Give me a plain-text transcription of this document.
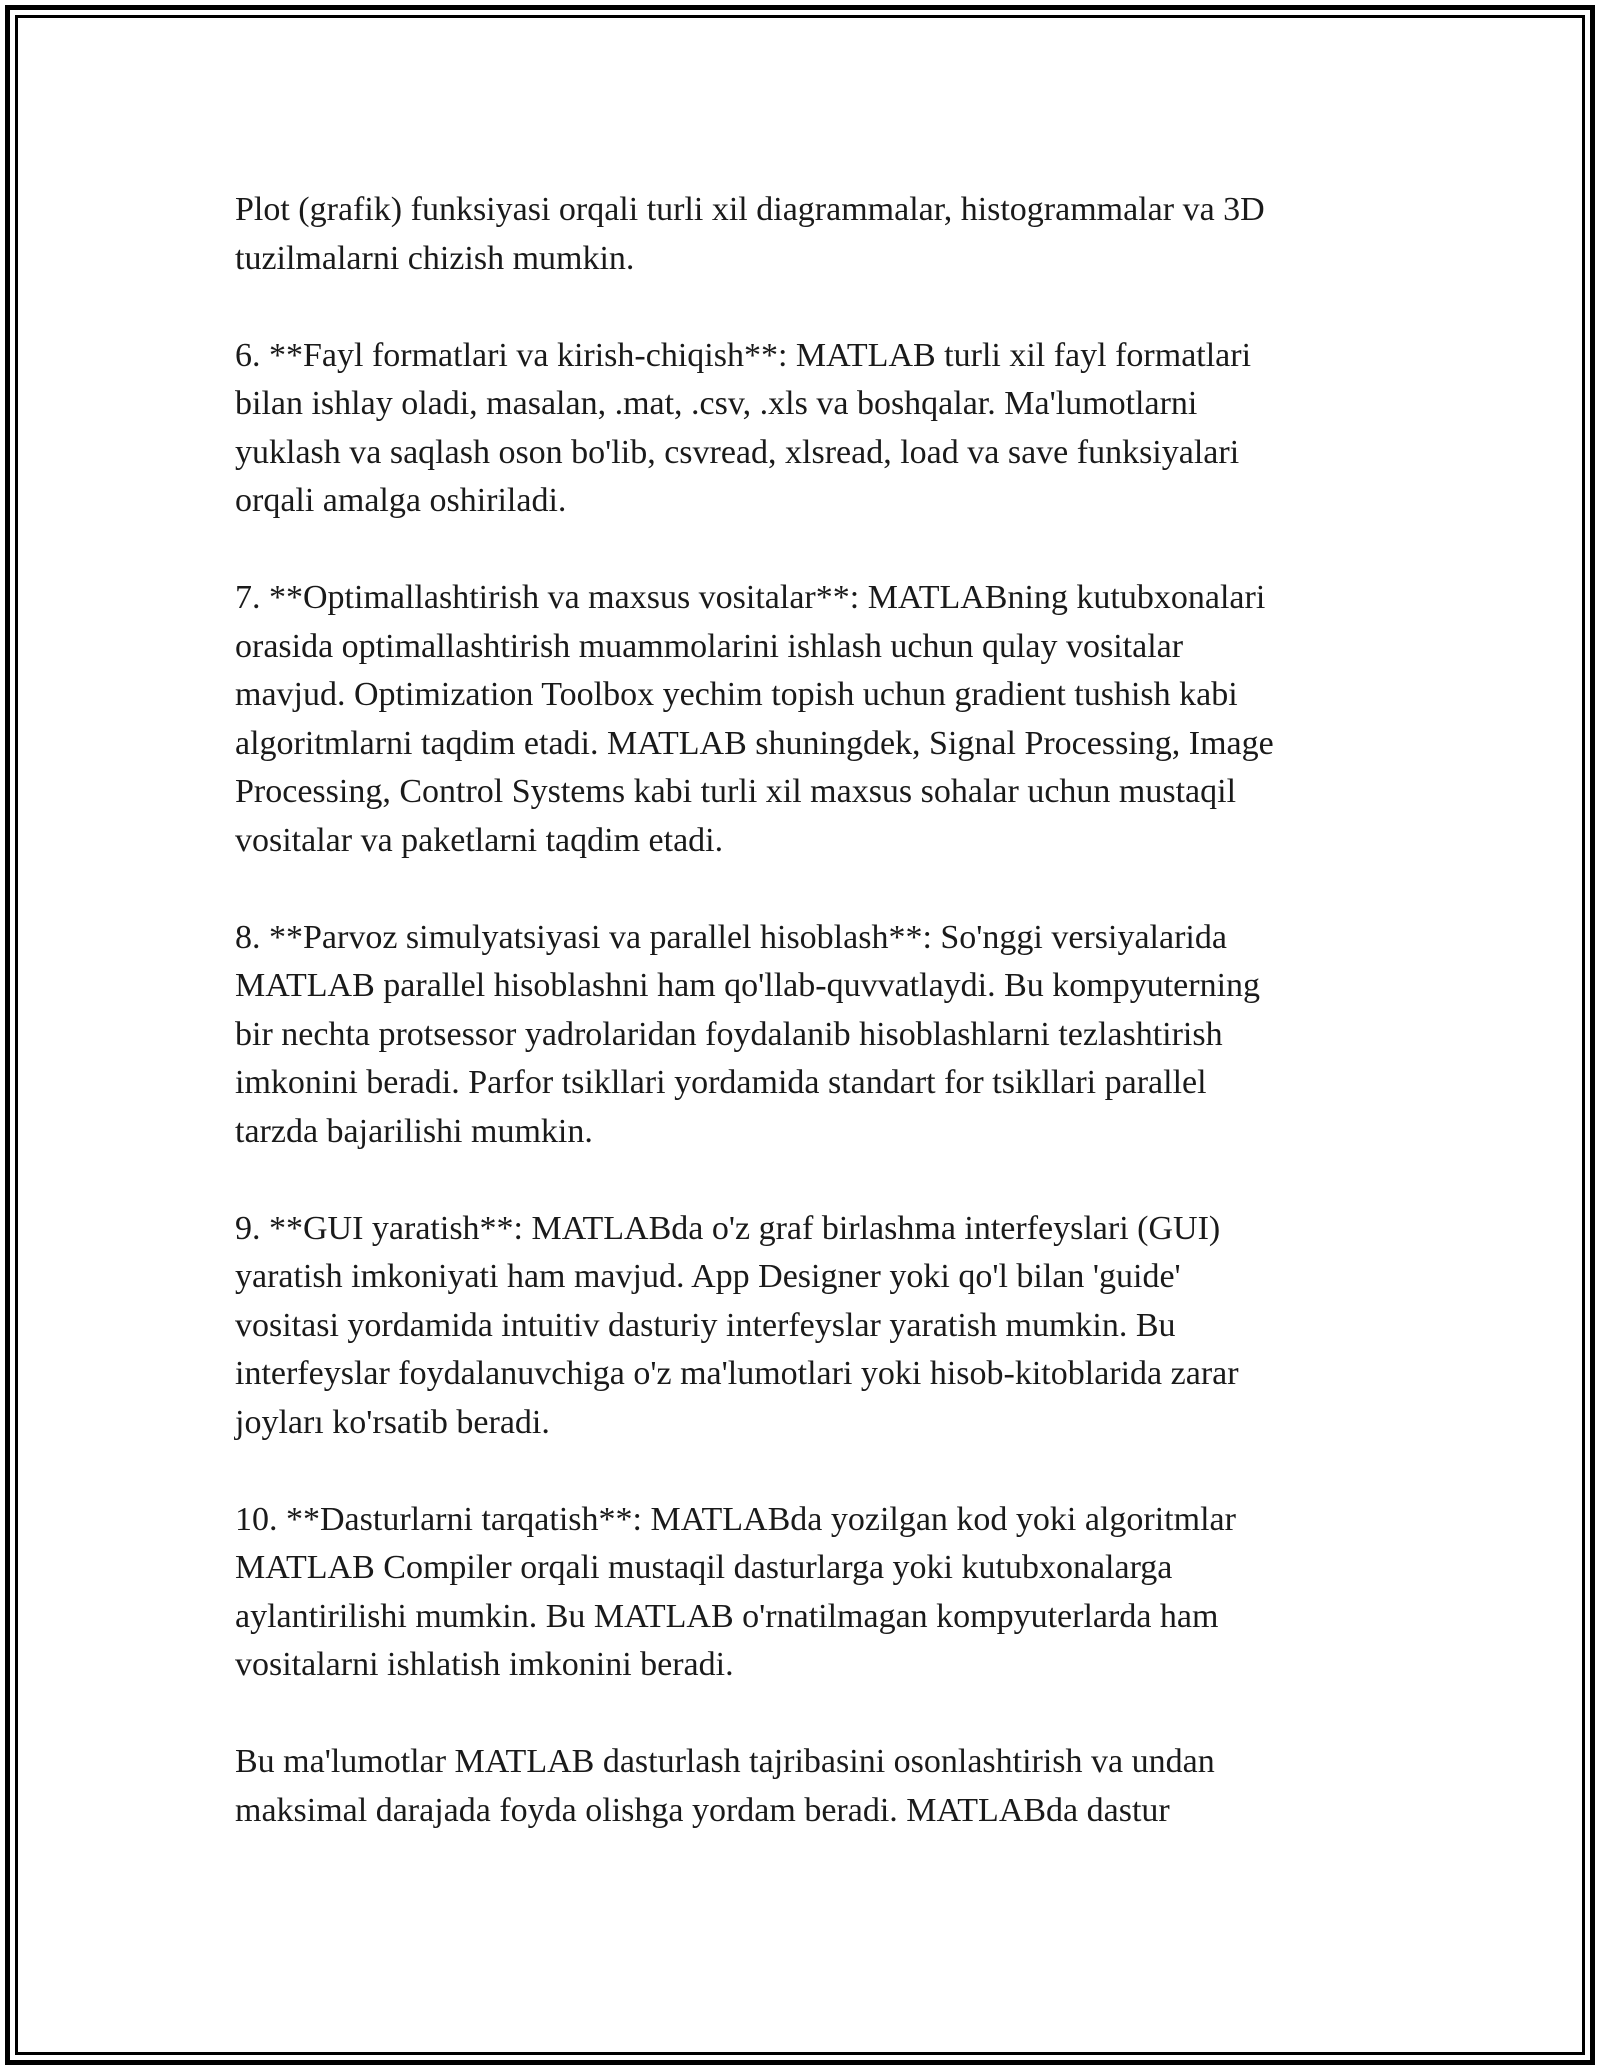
Plot (grafik) funksiyasi orqali turli xil diagrammalar, histogrammalar va 3D
tuzilmalarni chizish mumkin.
6. **Fayl formatlari va kirish-chiqish**: MATLAB turli xil fayl formatlari
bilan ishlay oladi, masalan, .mat, .csv, .xls va boshqalar. Ma'lumotlarni
yuklash va saqlash oson bo'lib, csvread, xlsread, load va save funksiyalari
orqali amalga oshiriladi.
7. **Optimallashtirish va maxsus vositalar**: MATLABning kutubxonalari
orasida optimallashtirish muammolarini ishlash uchun qulay vositalar
mavjud. Optimization Toolbox yechim topish uchun gradient tushish kabi
algoritmlarni taqdim etadi. MATLAB shuningdek, Signal Processing, Image
Processing, Control Systems kabi turli xil maxsus sohalar uchun mustaqil
vositalar va paketlarni taqdim etadi.
8. **Parvoz simulyatsiyasi va parallel hisoblash**: So'nggi versiyalarida
MATLAB parallel hisoblashni ham qo'llab-quvvatlaydi. Bu kompyuterning
bir nechta protsessor yadrolaridan foydalanib hisoblashlarni tezlashtirish
imkonini beradi. Parfor tsikllari yordamida standart for tsikllari parallel
tarzda bajarilishi mumkin.
9. **GUI yaratish**: MATLABda o'z graf birlashma interfeyslari (GUI)
yaratish imkoniyati ham mavjud. App Designer yoki qo'l bilan 'guide'
vositasi yordamida intuitiv dasturiy interfeyslar yaratish mumkin. Bu
interfeyslar foydalanuvchiga o'z ma'lumotlari yoki hisob-kitoblarida zarar
joyları ko'rsatib beradi.
10. **Dasturlarni tarqatish**: MATLABda yozilgan kod yoki algoritmlar
MATLAB Compiler orqali mustaqil dasturlarga yoki kutubxonalarga
aylantirilishi mumkin. Bu MATLAB o'rnatilmagan kompyuterlarda ham
vositalarni ishlatish imkonini beradi.
Bu ma'lumotlar MATLAB dasturlash tajribasini osonlashtirish va undan
maksimal darajada foyda olishga yordam beradi. MATLABda dastur
